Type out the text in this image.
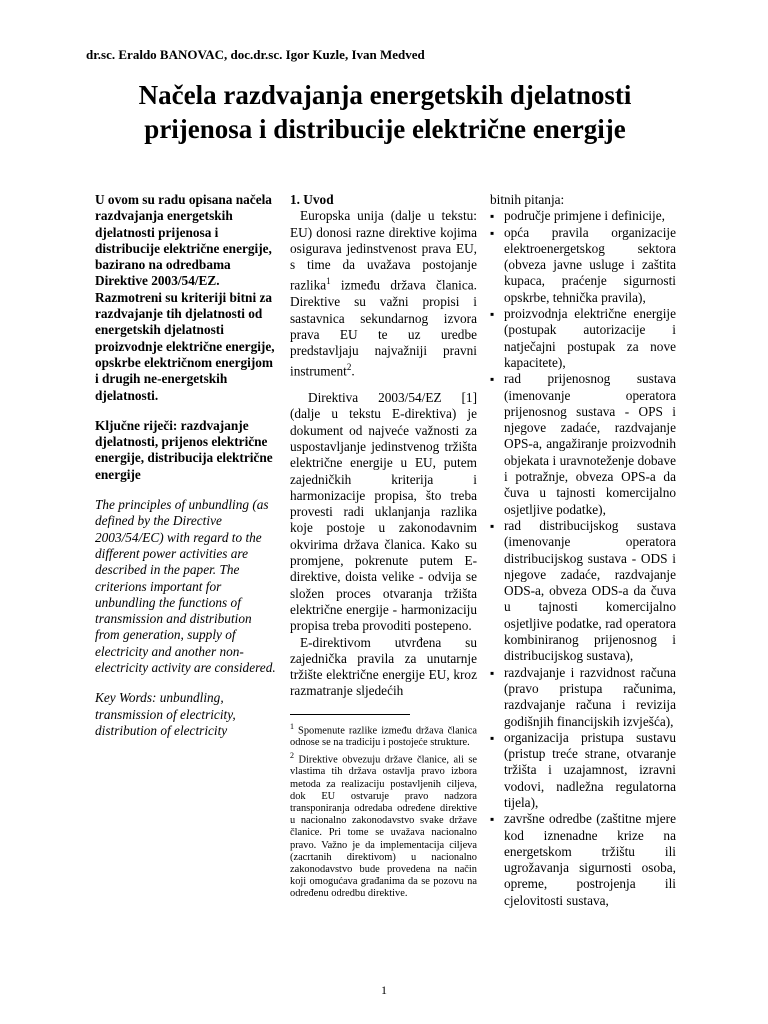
dr.sc. Eraldo BANOVAC, doc.dr.sc. Igor Kuzle, Ivan Medved
Načela razdvajanja energetskih djelatnosti
prijenosa i distribucije električne energije

U ovom su radu opisana načela razdvajanja energetskih djelatnosti prijenosa i distribucije električne energije, bazirano na odredbama Direktive 2003/54/EZ. Razmotreni su kriteriji bitni za razdvajanje tih djelatnosti od energetskih djelatnosti proizvodnje električne energije, opskrbe električnom energijom i drugih ne-energetskih djelatnosti.

Ključne riječi: razdvajanje djelatnosti, prijenos električne energije, distribucija električne energije

The principles of unbundling (as defined by the Directive 2003/54/EC) with regard to the different power activities are described in the paper. The criterions important for unbundling the functions of transmission and distribution from generation, supply of electricity and another non-electricity activity are considered.

Key Words: unbundling, transmission of electricity, distribution of electricity

1. Uvod

Europska unija (dalje u tekstu: EU) donosi razne direktive kojima osigurava jedinstvenost prava EU, s time da uvažava postojanje razlika$^1$ između država članica. Direktive su važni propisi i sastavnica sekundarnog izvora prava EU te uz uredbe predstavljaju najvažniji pravni instrument$^2$.

Direktiva 2003/54/EZ [1] (dalje u tekstu E-direktiva) je dokument od najveće važnosti za uspostavljanje jedinstvenog tržišta električne energije u EU, putem zajedničkih kriterija i harmonizacije propisa, što treba provesti radi uklanjanja razlika koje postoje u zakonodavnim okvirima država članica. Kako su promjene, pokrenute putem E-direktive, doista velike - odvija se složen proces otvaranja tržišta električne energije - harmonizaciju propisa treba provoditi postepeno.

E-direktivom utvrđena su zajednička pravila za unutarnje tržište električne energije EU, kroz razmatranje sljedećih

$^1$ Spomenute razlike između država članica odnose se na tradiciju i postojeće strukture.

$^2$ Direktive obvezuju države članice, ali se vlastima tih država ostavlja pravo izbora metoda za realizaciju postavljenih ciljeva, dok EU ostvaruje pravo nadzora transponiranja odredaba određene direktive u nacionalno zakonodavstvo svake države članice. Pri tome se uvažava nacionalno pravo. Važno je da implementacija ciljeva (zacrtanih direktivom) u nacionalno zakonodavstvo bude provedena na način koji omogućava građanima da se pozovu na određenu odredbu direktive.

bitnih pitanja:

▪ područje primjene i definicije,
▪ opća pravila organizacije elektroenergetskog sektora (obveza javne usluge i zaštita kupaca, praćenje sigurnosti opskrbe, tehnička pravila),
▪ proizvodnja električne energije (postupak autorizacije i natječajni postupak za nove kapacitete),
▪ rad prijenosnog sustava (imenovanje operatora prijenosnog sustava - OPS i njegove zadaće, razdvajanje OPS-a, angažiranje proizvodnih objekata i uravnoteženje dobave i potražnje, obveza OPS-a da čuva u tajnosti komercijalno osjetljive podatke),
▪ rad distribucijskog sustava (imenovanje operatora distribucijskog sustava - ODS i njegove zadaće, razdvajanje ODS-a, obveza ODS-a da čuva u tajnosti komercijalno osjetljive podatke, rad operatora kombiniranog prijenosnog i distribucijskog sustava),
▪ razdvajanje i razvidnost računa (pravo pristupa računima, razdvajanje računa i revizija godišnjih financijskih izvješća),
▪ organizacija pristupa sustavu (pristup treće strane, otvaranje tržišta i uzajamnost, izravni vodovi, nadležna regulatorna tijela),
▪ završne odredbe (zaštitne mjere kod iznenadne krize na energetskom tržištu ili ugrožavanja sigurnosti osoba, opreme, postrojenja ili cjelovitosti sustava,
1
